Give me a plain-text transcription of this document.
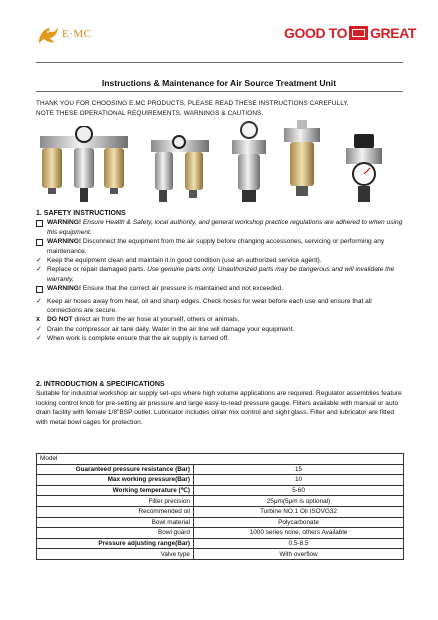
E·MC	GOOD TO GREAT
Instructions & Maintenance for Air Source Treatment Unit
THANK YOU FOR CHOOSING E.MC PRODUCTS, PLEASE READ THESE INSTRUCTIONS CAREFULLY.
NOTE THESE OPERATIONAL REQUIREMENTS, WARNINGS & CAUTIONS.
1. SAFETY INSTRUCTIONS
WARNING! Ensure Health & Safety, local authority, and general workshop practice regulations are adhered to when using this equipment.
WARNING! Disconnect the equipment from the air supply before changing accessories, servicing or performing any maintenance.
✓ Keep the equipment clean and maintain it in good condition (use an authorized service agent).
✓ Replace or repair damaged parts. Use genuine parts only. Unauthorized parts may be dangerous and will invalidate the warranty.
WARNING! Ensure that the correct air pressure is maintained and not exceeded.
✓ Keep air hoses away from heat, oil and sharp edges. Check hoses for wear before each use and ensure that all connections are secure.
x	DO NOT direct air from the air hose at yourself, others or animals.
✓ Drain the compressor air tank daily. Water in the air line will damage your equipment.
✓ When work is complete ensure that the air supply is turned off.
2. INTRODUCTION & SPECIFICATIONS
Suitable for industrial workshop air supply set-ups where high volume applications are required. Regulator assemblies feature locking control knob for pre-setting air pressure and large easy-to-read pressure gauge. Filters available with manual or auto drain facility with female 1/8"BSP outlet. Lubricator includes oil/air mix control and sight glass. Filter and lubricator are fitted with metal bowl cages for protection.
Model	
Guaranteed pressure resistance (Bar)	15
Max working pressure(Bar)	10
Working temperature (℃)	5-60
Filter precision	25μm(5μm is optional)
Recommended oil	Turbine NO.1 Oil ISOVG32
Bowl material	Polycarbonate
Bowl guard	1000 series none, others Available
Pressure adjusting range(Bar)	0.5-8.5
Valve type	With overflow
